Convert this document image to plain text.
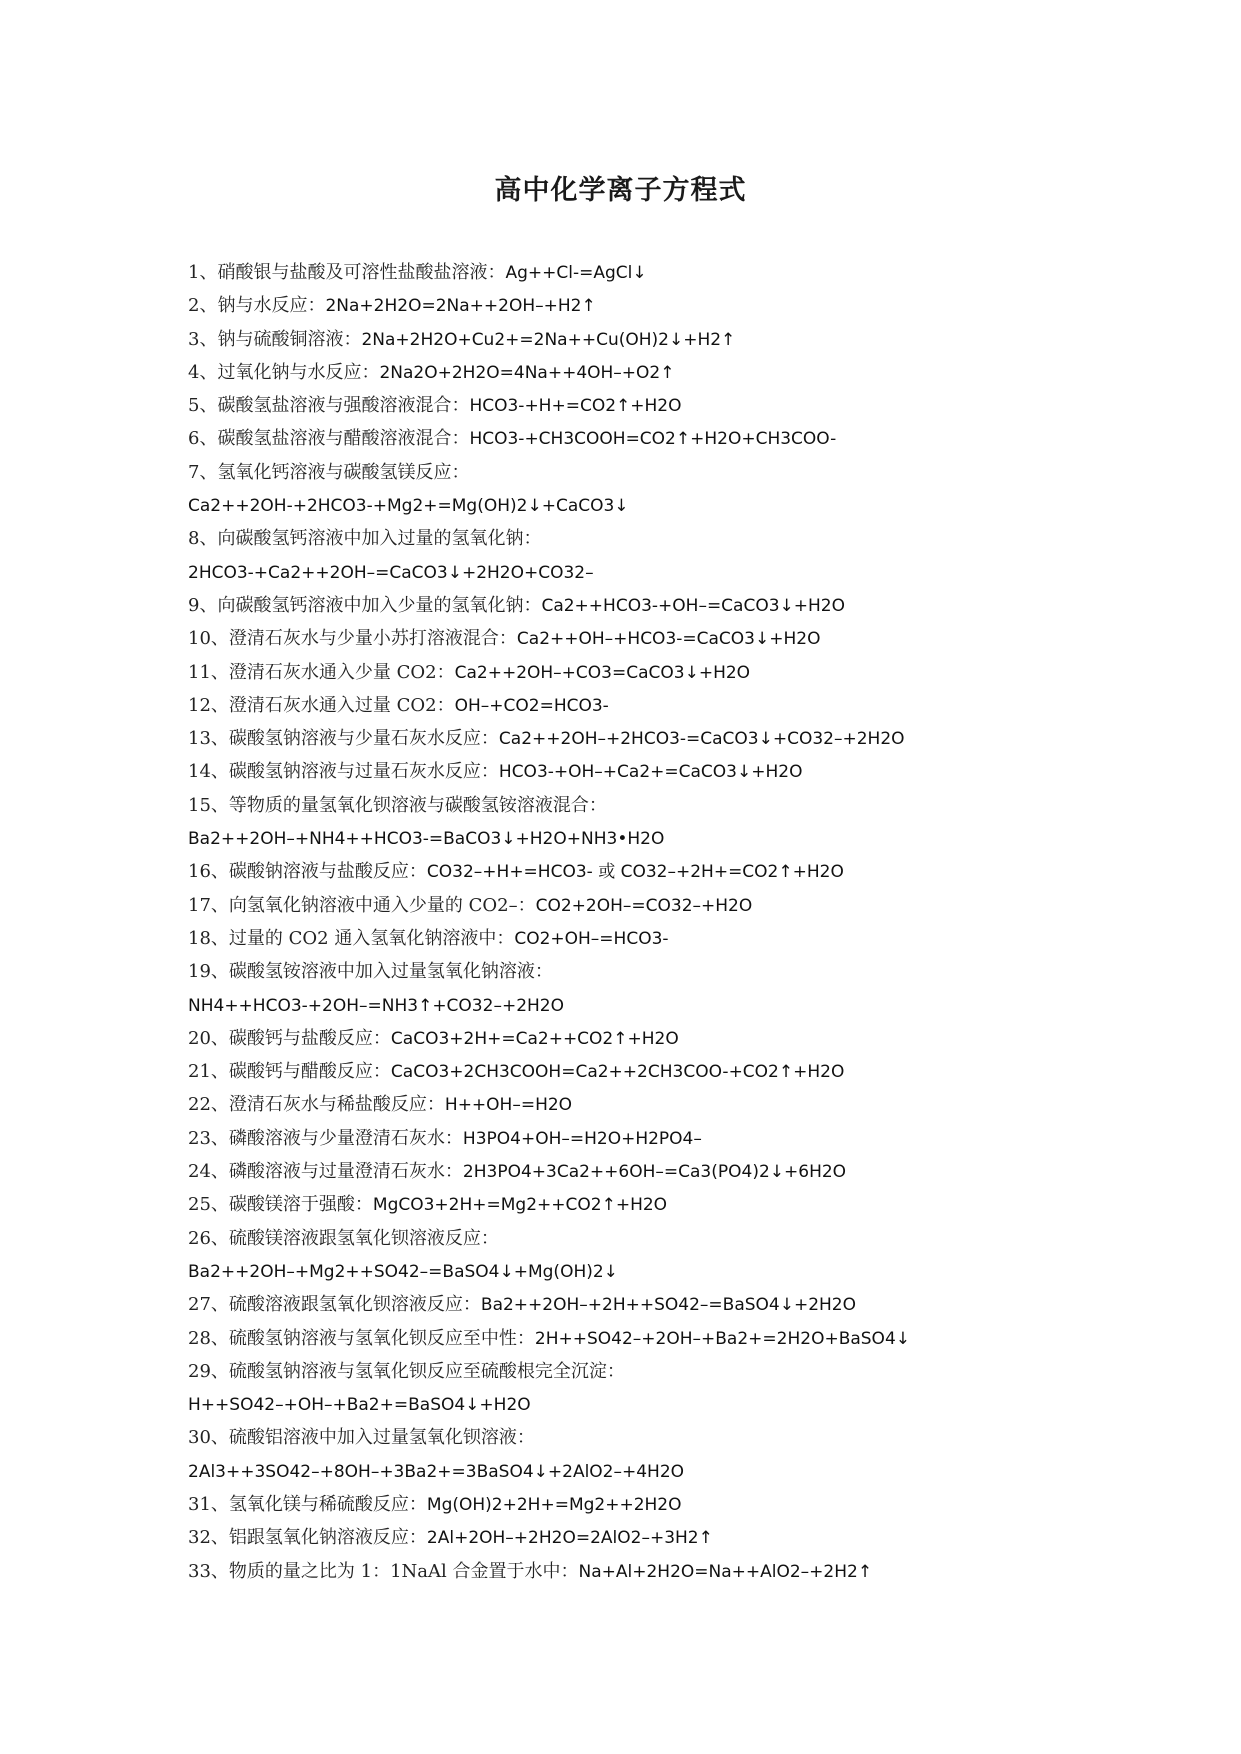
高中化学离子方程式
1、硝酸银与盐酸及可溶性盐酸盐溶液：Ag++Cl-=AgCl↓
2、钠与水反应：2Na+2H2O=2Na++2OH–+H2↑
3、钠与硫酸铜溶液：2Na+2H2O+Cu2+=2Na++Cu(OH)2↓+H2↑
4、过氧化钠与水反应：2Na2O+2H2O=4Na++4OH–+O2↑
5、碳酸氢盐溶液与强酸溶液混合：HCO3-+H+=CO2↑+H2O
6、碳酸氢盐溶液与醋酸溶液混合：HCO3-+CH3COOH=CO2↑+H2O+CH3COO-
7、氢氧化钙溶液与碳酸氢镁反应：
Ca2++2OH-+2HCO3-+Mg2+=Mg(OH)2↓+CaCO3↓
8、向碳酸氢钙溶液中加入过量的氢氧化钠：
2HCO3-+Ca2++2OH–=CaCO3↓+2H2O+CO32–
9、向碳酸氢钙溶液中加入少量的氢氧化钠：Ca2++HCO3-+OH–=CaCO3↓+H2O
10、澄清石灰水与少量小苏打溶液混合：Ca2++OH–+HCO3-=CaCO3↓+H2O
11、澄清石灰水通入少量 CO2：Ca2++2OH–+CO3=CaCO3↓+H2O
12、澄清石灰水通入过量 CO2：OH–+CO2=HCO3-
13、碳酸氢钠溶液与少量石灰水反应：Ca2++2OH–+2HCO3-=CaCO3↓+CO32–+2H2O
14、碳酸氢钠溶液与过量石灰水反应：HCO3-+OH–+Ca2+=CaCO3↓+H2O
15、等物质的量氢氧化钡溶液与碳酸氢铵溶液混合：
Ba2++2OH–+NH4++HCO3-=BaCO3↓+H2O+NH3•H2O
16、碳酸钠溶液与盐酸反应：CO32–+H+=HCO3- 或 CO32–+2H+=CO2↑+H2O
17、向氢氧化钠溶液中通入少量的 CO2–：CO2+2OH–=CO32–+H2O
18、过量的 CO2 通入氢氧化钠溶液中：CO2+OH–=HCO3-
19、碳酸氢铵溶液中加入过量氢氧化钠溶液：
NH4++HCO3-+2OH–=NH3↑+CO32–+2H2O
20、碳酸钙与盐酸反应：CaCO3+2H+=Ca2++CO2↑+H2O
21、碳酸钙与醋酸反应：CaCO3+2CH3COOH=Ca2++2CH3COO-+CO2↑+H2O
22、澄清石灰水与稀盐酸反应：H++OH–=H2O
23、磷酸溶液与少量澄清石灰水：H3PO4+OH–=H2O+H2PO4–
24、磷酸溶液与过量澄清石灰水：2H3PO4+3Ca2++6OH–=Ca3(PO4)2↓+6H2O
25、碳酸镁溶于强酸：MgCO3+2H+=Mg2++CO2↑+H2O
26、硫酸镁溶液跟氢氧化钡溶液反应：
Ba2++2OH–+Mg2++SO42–=BaSO4↓+Mg(OH)2↓
27、硫酸溶液跟氢氧化钡溶液反应：Ba2++2OH–+2H++SO42–=BaSO4↓+2H2O
28、硫酸氢钠溶液与氢氧化钡反应至中性：2H++SO42–+2OH–+Ba2+=2H2O+BaSO4↓
29、硫酸氢钠溶液与氢氧化钡反应至硫酸根完全沉淀：
H++SO42–+OH–+Ba2+=BaSO4↓+H2O
30、硫酸铝溶液中加入过量氢氧化钡溶液：
2Al3++3SO42–+8OH–+3Ba2+=3BaSO4↓+2AlO2–+4H2O
31、氢氧化镁与稀硫酸反应：Mg(OH)2+2H+=Mg2++2H2O
32、铝跟氢氧化钠溶液反应：2Al+2OH–+2H2O=2AlO2–+3H2↑
33、物质的量之比为 1：1NaAl 合金置于水中：Na+Al+2H2O=Na++AlO2–+2H2↑
